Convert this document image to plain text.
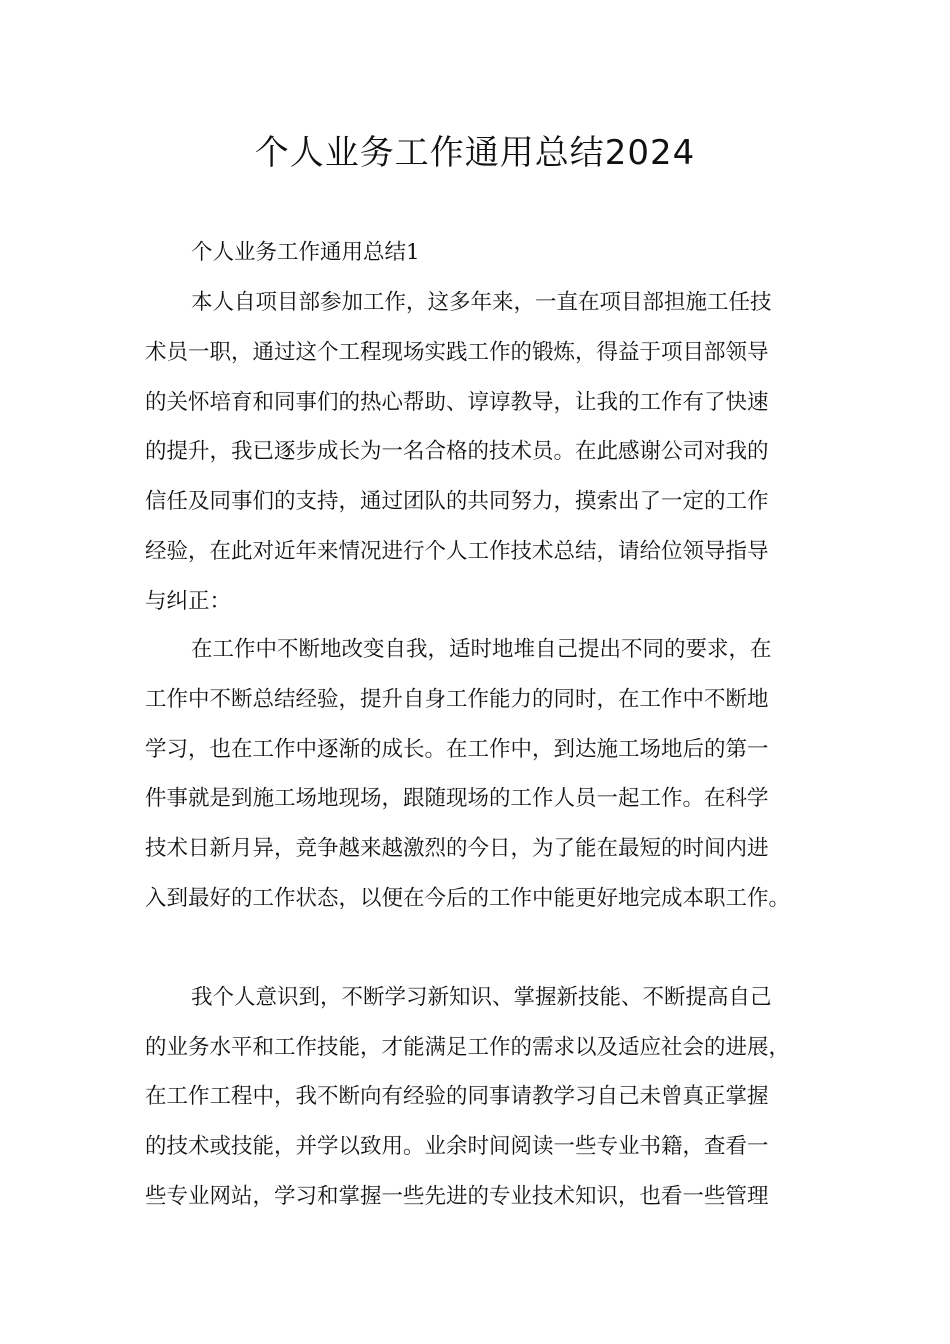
个人业务工作通用总结2024

个人业务工作通用总结1

本人自项目部参加工作，这多年来，一直在项目部担施工任技

术员一职，通过这个工程现场实践工作的锻炼，得益于项目部领导

的关怀培育和同事们的热心帮助、谆谆教导，让我的工作有了快速

的提升，我已逐步成长为一名合格的技术员。在此感谢公司对我的

信任及同事们的支持，通过团队的共同努力，摸索出了一定的工作

经验，在此对近年来情况进行个人工作技术总结，请给位领导指导

与纠正：

在工作中不断地改变自我，适时地堆自己提出不同的要求，在

工作中不断总结经验，提升自身工作能力的同时，在工作中不断地

学习，也在工作中逐渐的成长。在工作中，到达施工场地后的第一

件事就是到施工场地现场，跟随现场的工作人员一起工作。在科学

技术日新月异，竞争越来越激烈的今日，为了能在最短的时间内进

入到最好的工作状态，以便在今后的工作中能更好地完成本职工作。

我个人意识到，不断学习新知识、掌握新技能、不断提高自己

的业务水平和工作技能，才能满足工作的需求以及适应社会的进展，

在工作工程中，我不断向有经验的同事请教学习自己未曾真正掌握

的技术或技能，并学以致用。业余时间阅读一些专业书籍，查看一

些专业网站，学习和掌握一些先进的专业技术知识，也看一些管理
